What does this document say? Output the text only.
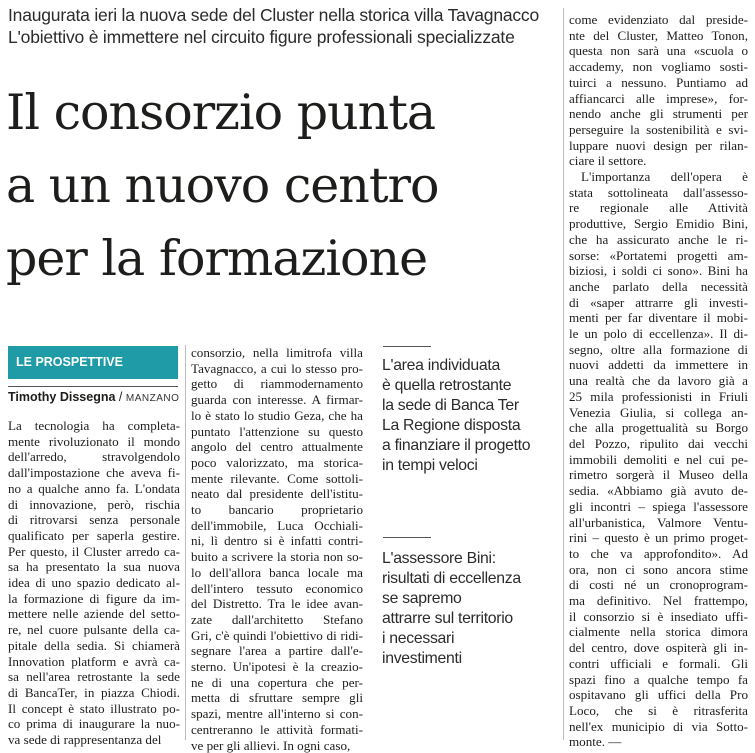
Inaugurata ieri la nuova sede del Cluster nella storica villa Tavagnacco
L'obiettivo è immettere nel circuito figure professionali specializzate
Il consorzio punta
a un nuovo centro
per la formazione
LE PROSPETTIVE
Timothy Dissegna / MANZANO
La tecnologia ha completa-
mente rivoluzionato il mondo
dell'arredo, stravolgendolo
dall'impostazione che aveva fi-
no a qualche anno fa. L'ondata
di innovazione, però, rischia
di ritrovarsi senza personale
qualificato per saperla gestire.
Per questo, il Cluster arredo ca-
sa ha presentato la sua nuova
idea di uno spazio dedicato al-
la formazione di figure da im-
mettere nelle aziende del setto-
re, nel cuore pulsante della ca-
pitale della sedia. Si chiamerà
Innovation platform e avrà ca-
sa nell'area retrostante la sede
di BancaTer, in piazza Chiodi.
Il concept è stato illustrato po-
co prima di inaugurare la nuo-
va sede di rappresentanza del
consorzio, nella limitrofa villa
Tavagnacco, a cui lo stesso pro-
getto di riammodernamento
guarda con interesse. A firmar-
lo è stato lo studio Geza, che ha
puntato l'attenzione su questo
angolo del centro attualmente
poco valorizzato, ma storica-
mente rilevante. Come sottoli-
neato dal presidente dell'istitu-
to bancario proprietario
dell'immobile, Luca Occhiali-
ni, lì dentro si è infatti contri-
buito a scrivere la storia non so-
lo dell'allora banca locale ma
dell'intero tessuto economico
del Distretto. Tra le idee avan-
zate dall'architetto Stefano
Gri, c'è quindi l'obiettivo di ridi-
segnare l'area a partire dall'e-
sterno. Un'ipotesi è la creazio-
ne di una copertura che per-
metta di sfruttare sempre gli
spazi, mentre all'interno si con-
centreranno le attività formati-
ve per gli allievi. In ogni caso,
L'area individuata
è quella retrostante
la sede di Banca Ter
La Regione disposta
a finanziare il progetto
in tempi veloci
L'assessore Bini:
risultati di eccellenza
se sapremo
attrarre sul territorio
i necessari
investimenti
come evidenziato dal preside-
nte del Cluster, Matteo Tonon,
questa non sarà una «scuola o
accademy, non vogliamo sosti-
tuirci a nessuno. Puntiamo ad
affiancarci alle imprese», for-
nendo anche gli strumenti per
perseguire la sostenibilità e svi-
luppare nuovi design per rilan-
ciare il settore.
L'importanza dell'opera è
stata sottolineata dall'assesso-
re regionale alle Attività
produttive, Sergio Emidio Bini,
che ha assicurato anche le ri-
sorse: «Portatemi progetti am-
biziosi, i soldi ci sono». Bini ha
anche parlato della necessità
di «saper attrarre gli investi-
menti per far diventare il mobi-
le un polo di eccellenza». Il di-
segno, oltre alla formazione di
nuovi addetti da immettere in
una realtà che da lavoro già a
25 mila professionisti in Friuli
Venezia Giulia, si collega an-
che alla progettualità su Borgo
del Pozzo, ripulito dai vecchi
immobili demoliti e nel cui pe-
rimetro sorgerà il Museo della
sedia. «Abbiamo già avuto de-
gli incontri – spiega l'assessore
all'urbanistica, Valmore Ventu-
rini – questo è un primo proget-
to che va approfondito». Ad
ora, non ci sono ancora stime
di costi né un cronoprogram-
ma definitivo. Nel frattempo,
il consorzio si è insediato uffi-
cialmente nella storica dimora
del centro, dove ospiterà gli in-
contri ufficiali e formali. Gli
spazi fino a qualche tempo fa
ospitavano gli uffici della Pro
Loco, che si è ritrasferita
nell'ex municipio di via Sotto-
monte. —
